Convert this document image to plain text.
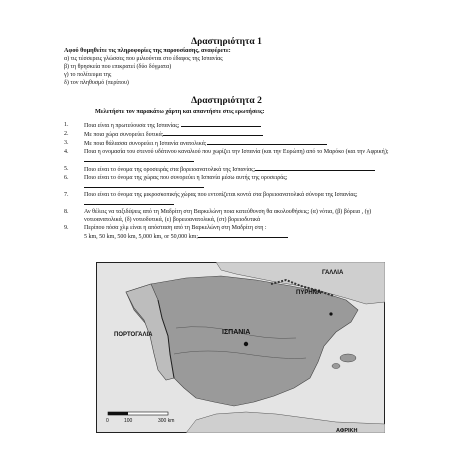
Δραστηριότητα 1
Αφού θυμηθείτε τις πληροφορίες της παρουσίασης, αναφέρετε:
α) τις τέσσερεις γλώσσες που μιλιούνται στο έδαφος της Ισπανίας
β) τη θρησκεία που επικρατεί (δύο δόγματα)
γ) το πολίτευμα της
δ) τον πληθυσμό (περίπου)
Δραστηριότητα 2
Μελετήστε τον παρακάτω χάρτη και απαντήστε στις ερωτήσεις:
1.	Ποια είναι η πρωτεύουσα της Ισπανίας;
2.	Με ποια χώρα συνορεύει δυτικά;
3.	Με ποια θάλασσα συνορεύει η Ισπανία ανατολικά;
4.	Ποια η ονομασία του στενού υδάτινου καναλιού που χωρίζει την Ισπανία (και την Ευρώπη) από το Μαρόκο (και την Αφρική);
5.	Ποιο είναι το όνομα της οροσειράς στα βορειοανατολικά της Ισπανίας;
6.	Ποιο είναι το όνομα της χώρας που συνορεύει η Ισπανία μέσω αυτής της οροσειράς;
7.	Ποιο είναι το όνομα της μικροσκοπικής χώρας που εντοπίζεται κοντά στα βορειοανατολικά σύνορα της Ισπανίας;
8.	Αν θέλεις να ταξιδέψεις από τη Μαδρίτη στη Βαρκελώνη ποια κατεύθυνση θα ακολουθήσεις; (α) νότια, (β) βόρεια , (γ) νοτιοανατολικά, (δ) νοτιοδυτικά, (ε) βορειοανατολικά, (στ) βορειοδυτικά
9.	Περίπου πόσα χλμ είναι η απόσταση από τη Βαρκελώνη στη Μαδρίτη στη :
5 km, 50 km, 500 km, 5,000 km, or 50,000 km;
ΓΑΛΛΙΑ
ΠΥΡΗΝΑ
ΠΟΡΤΟΓΑΛΙΑ	ΙΣΠΑΝΙΑ
ΑΦΡΙΚΗ
0	100	300 km
